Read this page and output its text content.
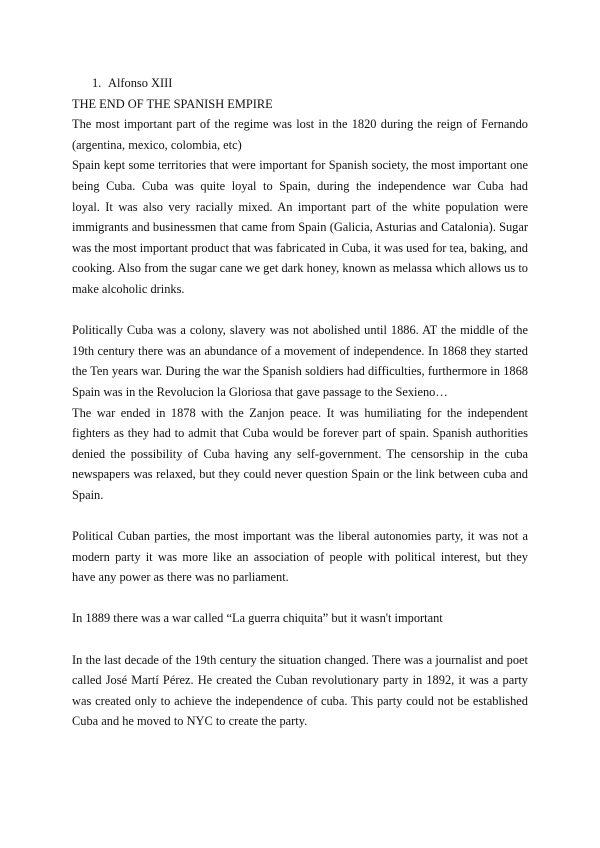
1. Alfonso XIII
THE END OF THE SPANISH EMPIRE
The most important part of the regime was lost in the 1820 during the reign of Fernando
(argentina, mexico, colombia, etc)
Spain kept some territories that were important for Spanish society, the most important one
being Cuba. Cuba was quite loyal to Spain, during the independence war Cuba had
loyal. It was also very racially mixed. An important part of the white population were
immigrants and businessmen that came from Spain (Galicia, Asturias and Catalonia). Sugar
was the most important product that was fabricated in Cuba, it was used for tea, baking, and
cooking. Also from the sugar cane we get dark honey, known as melassa which allows us to
make alcoholic drinks.
Politically Cuba was a colony, slavery was not abolished until 1886. AT the middle of the
19th century there was an abundance of a movement of independence. In 1868 they started
the Ten years war. During the war the Spanish soldiers had difficulties, furthermore in 1868
Spain was in the Revolucion la Gloriosa that gave passage to the Sexieno…
The war ended in 1878 with the Zanjon peace. It was humiliating for the independent
fighters as they had to admit that Cuba would be forever part of spain. Spanish authorities
denied the possibility of Cuba having any self-government. The censorship in the cuba
newspapers was relaxed, but they could never question Spain or the link between cuba and
Spain.
Political Cuban parties, the most important was the liberal autonomies party, it was not a
modern party it was more like an association of people with political interest, but they
have any power as there was no parliament.
In 1889 there was a war called “La guerra chiquita” but it wasn't important
In the last decade of the 19th century the situation changed. There was a journalist and poet
called José Martí Pérez. He created the Cuban revolutionary party in 1892, it was a party
was created only to achieve the independence of cuba. This party could not be established
Cuba and he moved to NYC to create the party.
